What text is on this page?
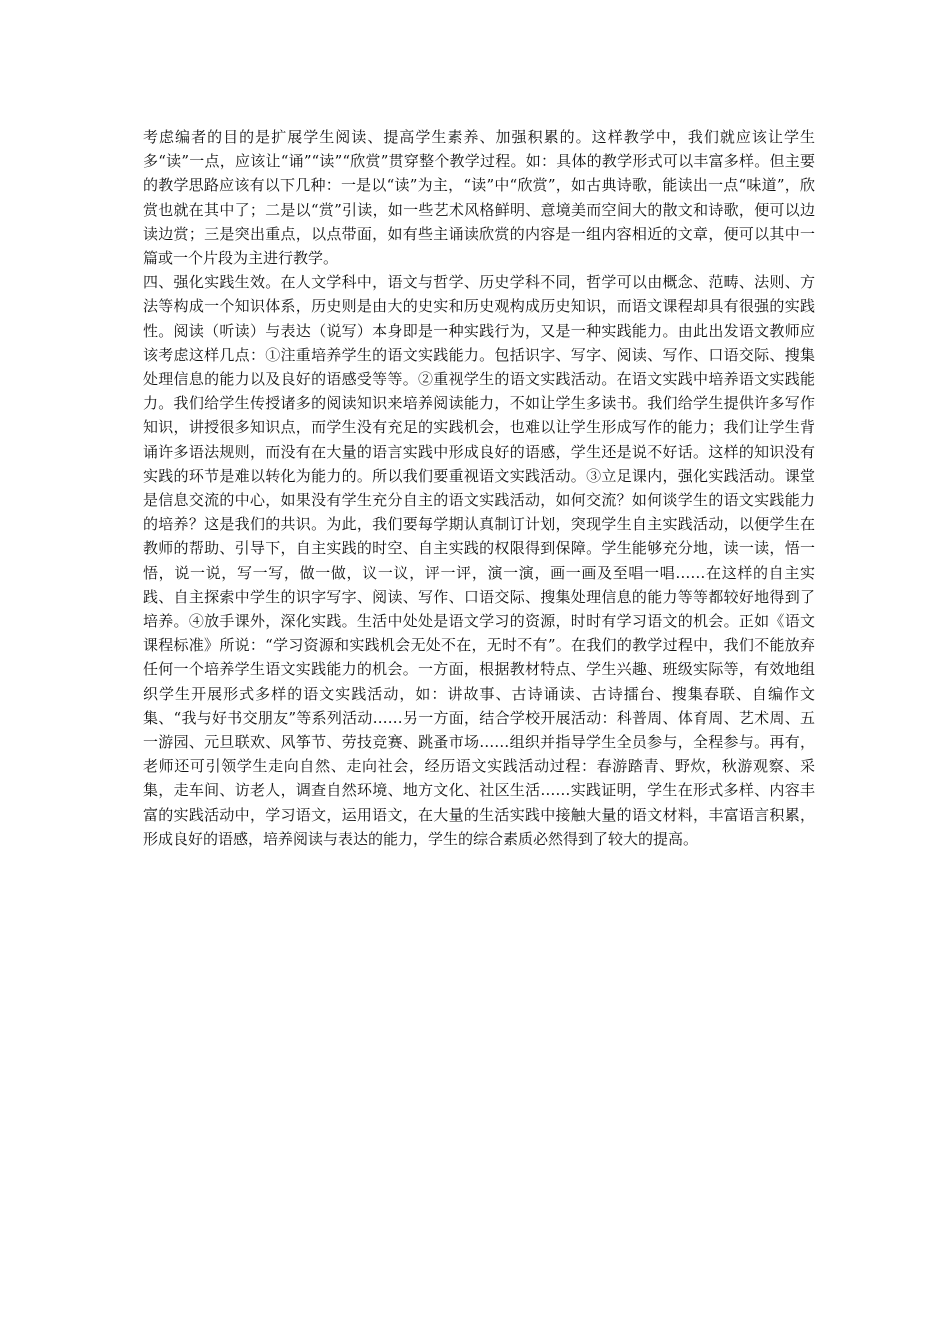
考虑编者的目的是扩展学生阅读、提高学生素养、加强积累的。这样教学中，我们就应该让学生多“读”一点，应该让“诵”“读”“欣赏”贯穿整个教学过程。如：具体的教学形式可以丰富多样。但主要的教学思路应该有以下几种：一是以“读”为主，“读”中“欣赏”，如古典诗歌，能读出一点“味道”，欣赏也就在其中了；二是以“赏”引读，如一些艺术风格鲜明、意境美而空间大的散文和诗歌，便可以边读边赏；三是突出重点，以点带面，如有些主诵读欣赏的内容是一组内容相近的文章，便可以其中一篇或一个片段为主进行教学。

四、强化实践生效。在人文学科中，语文与哲学、历史学科不同，哲学可以由概念、范畴、法则、方法等构成一个知识体系，历史则是由大的史实和历史观构成历史知识，而语文课程却具有很强的实践性。阅读（听读）与表达（说写）本身即是一种实践行为，又是一种实践能力。由此出发语文教师应该考虑这样几点：①注重培养学生的语文实践能力。包括识字、写字、阅读、写作、口语交际、搜集处理信息的能力以及良好的语感受等等。②重视学生的语文实践活动。在语文实践中培养语文实践能力。我们给学生传授诸多的阅读知识来培养阅读能力，不如让学生多读书。我们给学生提供许多写作知识，讲授很多知识点，而学生没有充足的实践机会，也难以让学生形成写作的能力；我们让学生背诵许多语法规则，而没有在大量的语言实践中形成良好的语感，学生还是说不好话。这样的知识没有实践的环节是难以转化为能力的。所以我们要重视语文实践活动。③立足课内，强化实践活动。课堂是信息交流的中心，如果没有学生充分自主的语文实践活动，如何交流？如何谈学生的语文实践能力的培养？这是我们的共识。为此，我们要每学期认真制订计划，突现学生自主实践活动，以便学生在教师的帮助、引导下，自主实践的时空、自主实践的权限得到保障。学生能够充分地，读一读，悟一悟，说一说，写一写，做一做，议一议，评一评，演一演，画一画及至唱一唱……在这样的自主实践、自主探索中学生的识字写字、阅读、写作、口语交际、搜集处理信息的能力等等都较好地得到了培养。④放手课外，深化实践。生活中处处是语文学习的资源，时时有学习语文的机会。正如《语文课程标准》所说：“学习资源和实践机会无处不在，无时不有”。在我们的教学过程中，我们不能放弃任何一个培养学生语文实践能力的机会。一方面，根据教材特点、学生兴趣、班级实际等，有效地组织学生开展形式多样的语文实践活动，如：讲故事、古诗诵读、古诗擂台、搜集春联、自编作文集、“我与好书交朋友”等系列活动……另一方面，结合学校开展活动：科普周、体育周、艺术周、五一游园、元旦联欢、风筝节、劳技竞赛、跳蚤市场……组织并指导学生全员参与，全程参与。再有，老师还可引领学生走向自然、走向社会，经历语文实践活动过程：春游踏青、野炊，秋游观察、采集，走车间、访老人，调查自然环境、地方文化、社区生活……实践证明，学生在形式多样、内容丰富的实践活动中，学习语文，运用语文，在大量的生活实践中接触大量的语文材料，丰富语言积累，形成良好的语感，培养阅读与表达的能力，学生的综合素质必然得到了较大的提高。
